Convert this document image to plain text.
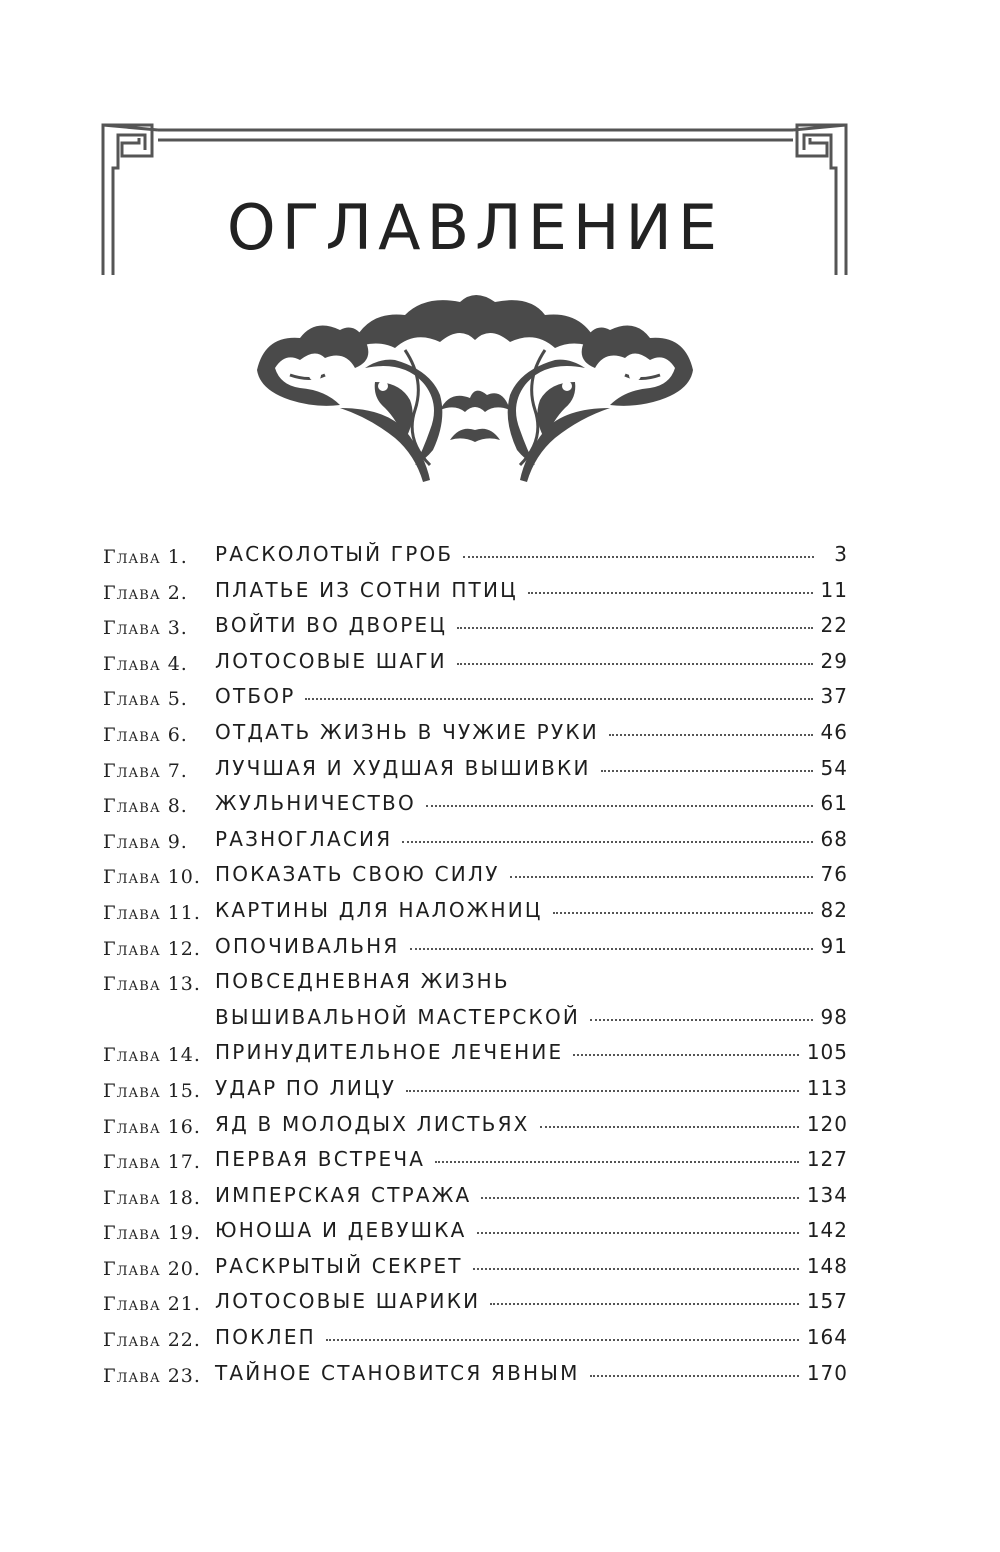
ОГЛАВЛЕНИЕ
Глава 1.	РАСКОЛОТЫЙ ГРОБ	3
Глава 2.	ПЛАТЬЕ ИЗ СОТНИ ПТИЦ	11
Глава 3.	ВОЙТИ ВО ДВОРЕЦ	22
Глава 4.	ЛОТОСОВЫЕ ШАГИ	29
Глава 5.	ОТБОР	37
Глава 6.	ОТДАТЬ ЖИЗНЬ В ЧУЖИЕ РУКИ	46
Глава 7.	ЛУЧШАЯ И ХУДШАЯ ВЫШИВКИ	54
Глава 8.	ЖУЛЬНИЧЕСТВО	61
Глава 9.	РАЗНОГЛАСИЯ	68
Глава 10. ПОКАЗАТЬ СВОЮ СИЛУ	76
Глава 11. КАРТИНЫ ДЛЯ НАЛОЖНИЦ	82
Глава 12. ОПОЧИВАЛЬНЯ	91
Глава 13. ПОВСЕДНЕВНАЯ ЖИЗНЬ
ВЫШИВАЛЬНОЙ МАСТЕРСКОЙ	98
Глава 14. ПРИНУДИТЕЛЬНОЕ ЛЕЧЕНИЕ	105
Глава 15. УДАР ПО ЛИЦУ	113
Глава 16. ЯД В МОЛОДЫХ ЛИСТЬЯХ	120
Глава 17. ПЕРВАЯ ВСТРЕЧА	127
Глава 18. ИМПЕРСКАЯ СТРАЖА	134
Глава 19. ЮНОША И ДЕВУШКА	142
Глава 20. РАСКРЫТЫЙ СЕКРЕТ	148
Глава 21. ЛОТОСОВЫЕ ШАРИКИ	157
Глава 22. ПОКЛЕП	164
Глава 23. ТАЙНОЕ СТАНОВИТСЯ ЯВНЫМ	170
